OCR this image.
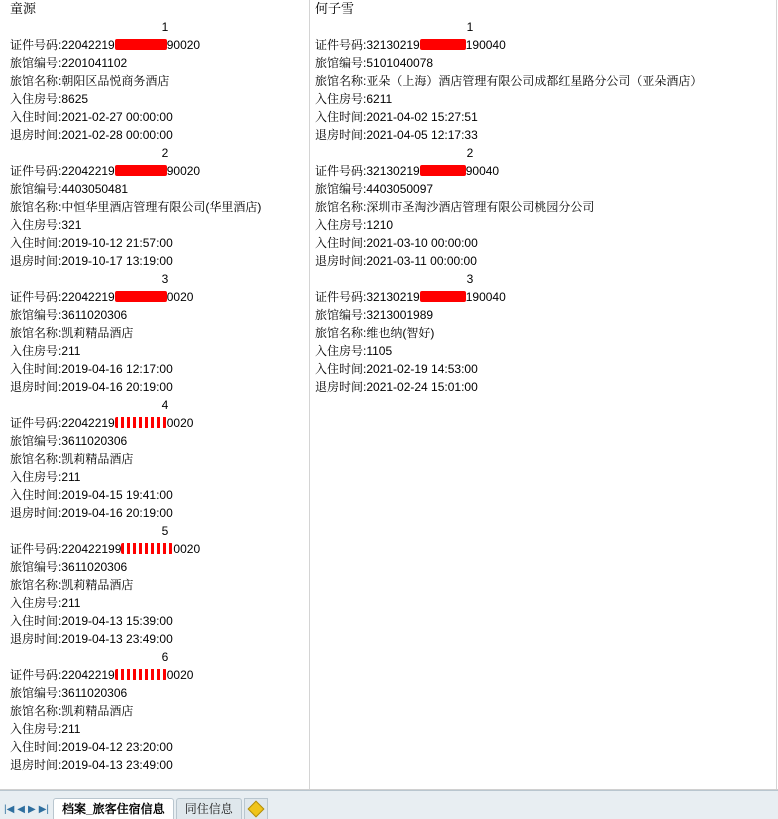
童源
1
证件号码:22042219	90020
旅馆编号:2201041102
旅馆名称:朝阳区品悦商务酒店
入住房号:8625
入住时间:2021-02-27 00:00:00
退房时间:2021-02-28 00:00:00
2
证件号码:22042219	90020
旅馆编号:4403050481
旅馆名称:中恒华里酒店管理有限公司(华里酒店)
入住房号:321
入住时间:2019-10-12 21:57:00
退房时间:2019-10-17 13:19:00
3
证件号码:22042219	0020
旅馆编号:3611020306
旅馆名称:凯莉精品酒店
入住房号:211
入住时间:2019-04-16 12:17:00
退房时间:2019-04-16 20:19:00
4
证件号码:22042219	0020
旅馆编号:3611020306
旅馆名称:凯莉精品酒店
入住房号:211
入住时间:2019-04-15 19:41:00
退房时间:2019-04-16 20:19:00
5
证件号码:220422199	0020
旅馆编号:3611020306
旅馆名称:凯莉精品酒店
入住房号:211
入住时间:2019-04-13 15:39:00
退房时间:2019-04-13 23:49:00
6
证件号码:22042219	0020
旅馆编号:3611020306
旅馆名称:凯莉精品酒店
入住房号:211
入住时间:2019-04-12 23:20:00
退房时间:2019-04-13 23:49:00
何子雪
1
证件号码:32130219	190040
旅馆编号:5101040078
旅馆名称:亚朵（上海）酒店管理有限公司成都红星路分公司（亚朵酒店）
入住房号:6211
入住时间:2021-04-02 15:27:51
退房时间:2021-04-05 12:17:33
2
证件号码:32130219	90040
旅馆编号:4403050097
旅馆名称:深圳市圣淘沙酒店管理有限公司桃园分公司
入住房号:1210
入住时间:2021-03-10 00:00:00
退房时间:2021-03-11 00:00:00
3
证件号码:32130219	190040
旅馆编号:3213001989
旅馆名称:维也纳(智好)
入住房号:1105
入住时间:2021-02-19 14:53:00
退房时间:2021-02-24 15:01:00
|◀ ◀ ▶ ▶|	档案_旅客住宿信息	同住信息
